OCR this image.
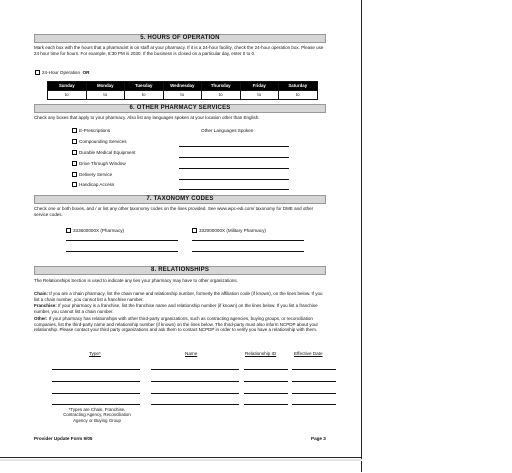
5. HOURS OF OPERATION
Mark each box with the hours that a pharmacist is on staff at your pharmacy. If it is a 24-hour facility, check the 24-hour operation box. Please use 24 hour time for hours. For example, 8:30 PM is 2030. If the business is closed on a particular day, enter 0 to 0.
24-Hour Operation OR
Sunday	Monday	Tuesday	Wednesday	Thursday	Friday	Saturday
to	to	to	to	to	to	to
6. OTHER PHARMACY SERVICES
Check any boxes that apply to your pharmacy. Also list any languages spoken at your location other than English.
E-Prescriptions
Compounding Services
Durable Medical Equipment
Drive Through Window
Delivery Service
Handicap Access
Other Languages Spoken
7. TAXONOMY CODES
Check one or both boxes, and / or list any other taxonomy codes on the lines provided. See www.wpc-edi.com/ taxonomy for DME and other service codes.
333600000X (Pharmacy)	332000000X (Military Pharmacy)
8. RELATIONSHIPS
The Relationships Section is used to indicate any ties your pharmacy may have to other organizations.
Chain: If you are a chain pharmacy, list the chain name and relationship number, formerly the affiliation code (if known), on the lines below. If you list a chain number, you cannot list a franchise number.
Franchise: If your pharmacy is a franchise, list the franchise name and relationship number (if known) on the lines below. If you list a franchise number, you cannot list a chain number.
Other: If your pharmacy has relationships with other third-party organizations, such as contracting agencies, buying groups, or reconciliation companies, list the third-party name and relationship number (if known) on the lines below. The third-party must also inform NCPDP about your relationship. Please contact your third party organizations and ask them to contact NCPDP in order to verify you have a relationship with them.
Type*	Name	Relationship ID	Effective Date
*Types are Chain, Franchise, Contracting Agency, Reconciliation Agency or Buying Group
Provider Update Form 9/05	Page 3
